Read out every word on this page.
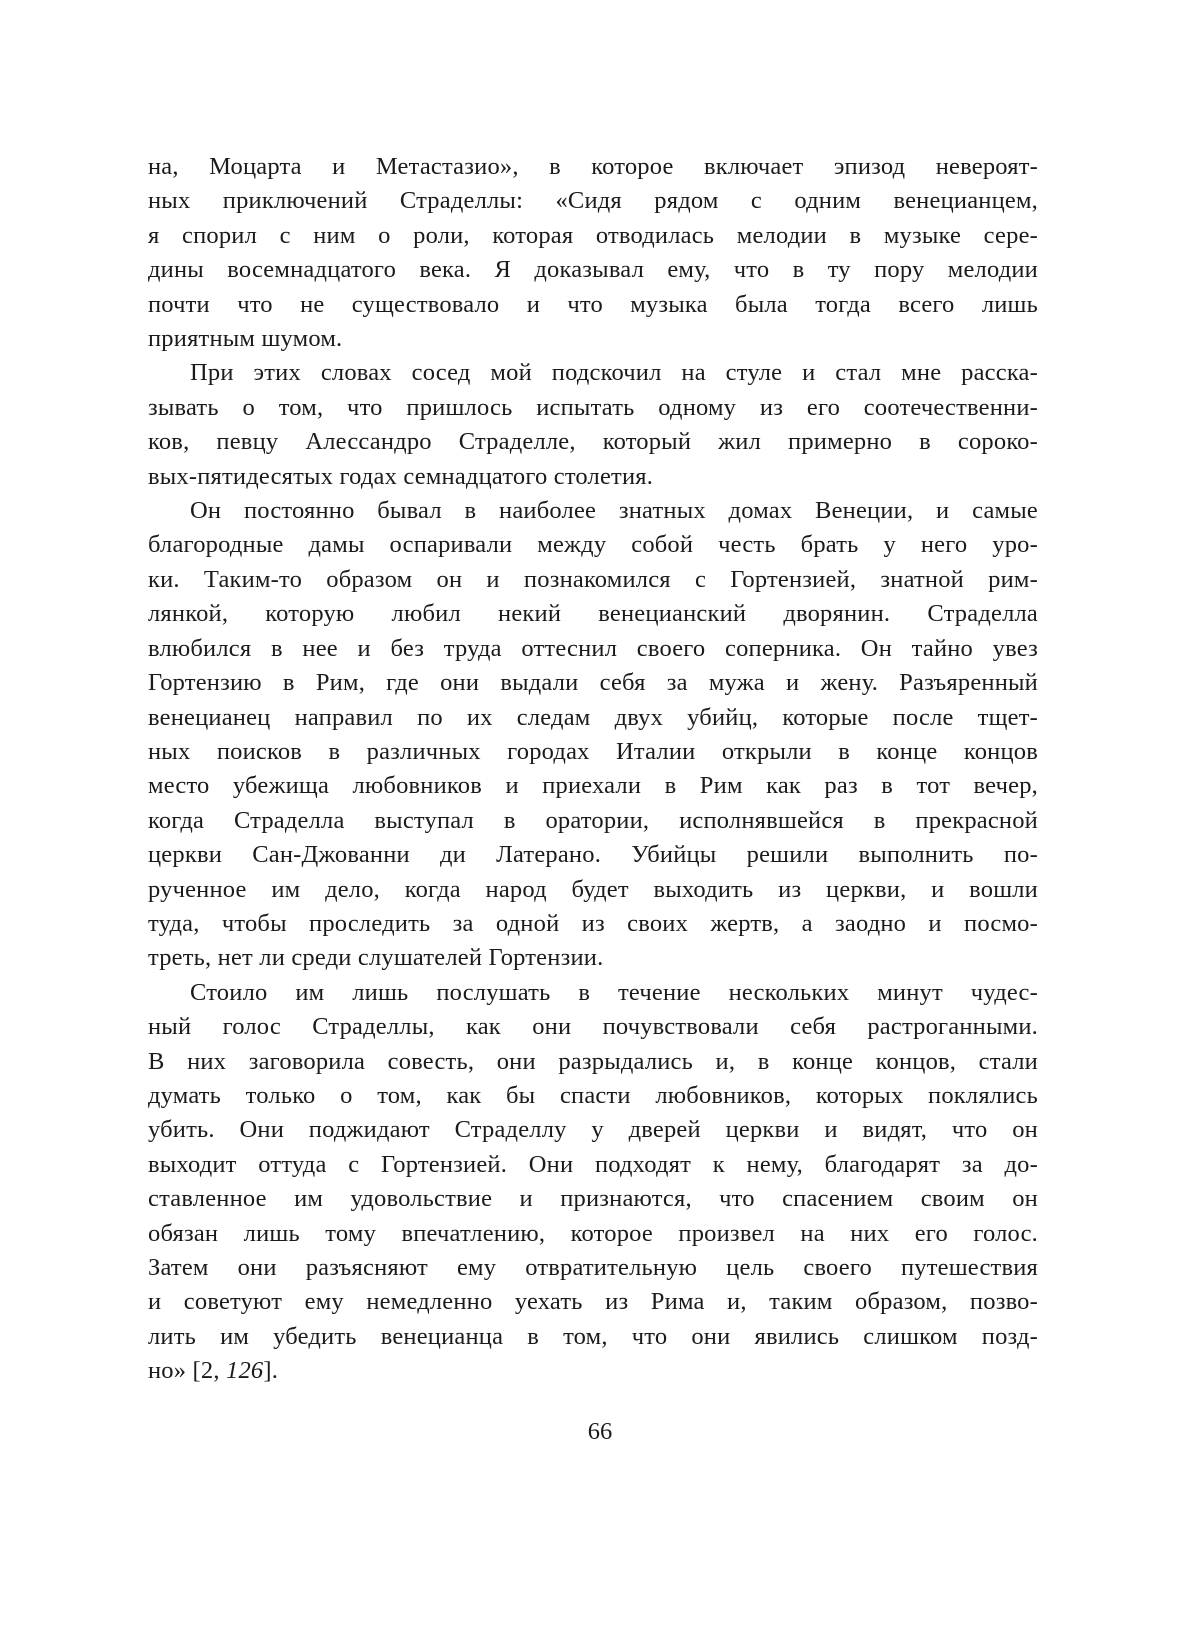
на, Моцарта и Метастазио», в которое включает эпизод невероят-
ных приключений Страделлы: «Сидя рядом с одним венецианцем,
я спорил с ним о роли, которая отводилась мелодии в музыке сере-
дины восемнадцатого века. Я доказывал ему, что в ту пору мелодии
почти что не существовало и что музыка была тогда всего лишь
приятным шумом.
При этих словах сосед мой подскочил на стуле и стал мне расска-
зывать о том, что пришлось испытать одному из его соотечественни-
ков, певцу Алессандро Страделле, который жил примерно в сороко-
вых-пятидесятых годах семнадцатого столетия.
Он постоянно бывал в наиболее знатных домах Венеции, и самые
благородные дамы оспаривали между собой честь брать у него уро-
ки. Таким-то образом он и познакомился с Гортензией, знатной рим-
лянкой, которую любил некий венецианский дворянин. Страделла
влюбился в нее и без труда оттеснил своего соперника. Он тайно увез
Гортензию в Рим, где они выдали себя за мужа и жену. Разъяренный
венецианец направил по их следам двух убийц, которые после тщет-
ных поисков в различных городах Италии открыли в конце концов
место убежища любовников и приехали в Рим как раз в тот вечер,
когда Страделла выступал в оратории, исполнявшейся в прекрасной
церкви Сан-Джованни ди Латерано. Убийцы решили выполнить по-
рученное им дело, когда народ будет выходить из церкви, и вошли
туда, чтобы проследить за одной из своих жертв, а заодно и посмо-
треть, нет ли среди слушателей Гортензии.
Стоило им лишь послушать в течение нескольких минут чудес-
ный голос Страделлы, как они почувствовали себя растроганными.
В них заговорила совесть, они разрыдались и, в конце концов, стали
думать только о том, как бы спасти любовников, которых поклялись
убить. Они поджидают Страделлу у дверей церкви и видят, что он
выходит оттуда с Гортензией. Они подходят к нему, благодарят за до-
ставленное им удовольствие и признаются, что спасением своим он
обязан лишь тому впечатлению, которое произвел на них его голос.
Затем они разъясняют ему отвратительную цель своего путешествия
и советуют ему немедленно уехать из Рима и, таким образом, позво-
лить им убедить венецианца в том, что они явились слишком позд-
но» [2, 126].
66
